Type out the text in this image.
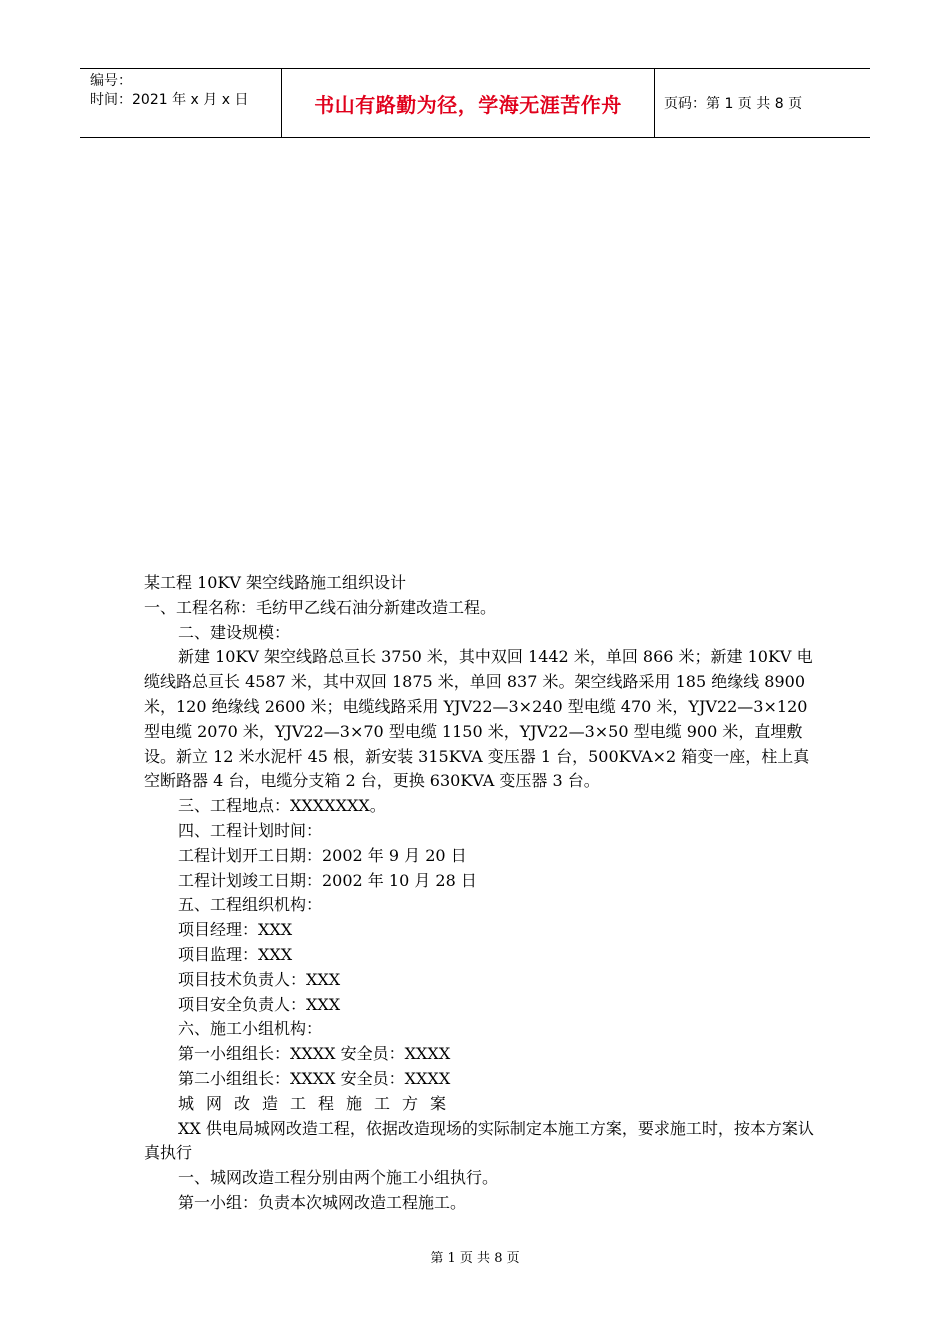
编号：
时间：2021 年 x 月 x 日	书山有路勤为径，学海无涯苦作舟	页码：第 1 页 共 8 页

某工程 10KV 架空线路施工组织设计

一、工程名称：毛纺甲乙线石油分新建改造工程。

二、建设规模：

新建 10KV 架空线路总亘长 3750 米，其中双回 1442 米，单回 866 米；新建 10KV 电缆线路总亘长 4587 米，其中双回 1875 米，单回 837 米。架空线路采用 185 绝缘线 8900 米，120 绝缘线 2600 米；电缆线路采用 YJV22—3×240 型电缆 470 米，YJV22—3×120 型电缆 2070 米，YJV22—3×70 型电缆 1150 米，YJV22—3×50 型电缆 900 米，直埋敷设。新立 12 米水泥杆 45 根，新安装 315KVA 变压器 1 台，500KVA×2 箱变一座，柱上真空断路器 4 台，电缆分支箱 2 台，更换 630KVA 变压器 3 台。

三、工程地点：XXXXXXX。

四、工程计划时间：

工程计划开工日期：2002 年 9 月 20 日

工程计划竣工日期：2002 年 10 月 28 日

五、工程组织机构：

项目经理：XXX

项目监理：XXX

项目技术负责人：XXX

项目安全负责人：XXX

六、施工小组机构：

第一小组组长：XXXX 安全员：XXXX

第二小组组长：XXXX 安全员：XXXX

城网改造工程施工方案

XX 供电局城网改造工程，依据改造现场的实际制定本施工方案，要求施工时，按本方案认真执行

一、城网改造工程分别由两个施工小组执行。

第一小组：负责本次城网改造工程施工。

第 1 页 共 8 页
